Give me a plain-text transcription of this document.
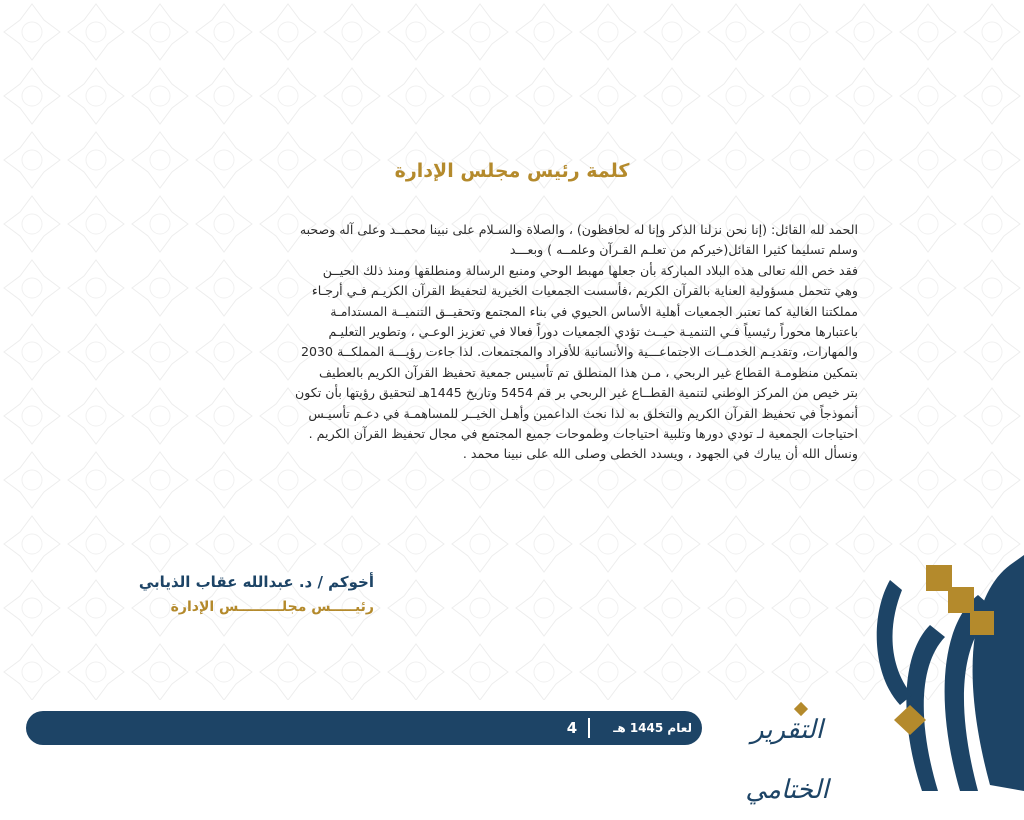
كلمة رئيس مجلس الإدارة

الحمد لله القائل: (إنا نحن نزلنا الذكر وإنا له لحافظون) ، والصلاة والسـلام على نبينا محمــد وعلى آله وصحبه

وسلم تسليما كثيرا القائل(خيركم من تعلـم القـرآن وعلمــه ) وبعـــد

فقد خص الله تعالى هذه البلاد المباركة بأن جعلها مهبط الوحي ومنبع الرسالة ومنطلقها ومنذ ذلك الحيــن

وهي تتحمل مسؤولية العناية بالقرآن الكريم ،فأسست الجمعيات الخيرية لتحفيظ القرآن الكريـم فـي أرجـاء

مملكتنا الغالية كما تعتبر الجمعيات أهلية الأساس الحيوي في بناء المجتمع وتحقيــق التنميــة المستدامـة

باعتبارها محوراً رئيسياً فـي التنميـة حيــث تؤدي الجمعيات دوراً فعالا في تعزيز الوعـي ، وتطوير التعليـم

والمهارات، وتقديـم الخدمــات الاجتماعـــية والأنسانية للأفراد والمجتمعات. لذا جاءت رؤيـــة المملكــة 2030

بتمكين منظومـة القطاع غير الربحي ، مـن هذا المنطلق تم تأسيس جمعية تحفيظ القرآن الكريم بالعطيف

بتر خيص من المركز الوطني لتنمية القطــاع غير الربحي بر قم 5454 وتاريخ 1445هـ لتحقيق رؤيتها بأن تكون

أنموذجاً في تحفيظ القرآن الكريم والتخلق به لذا نحث الداعمين وأهـل الخيــر للمساهمـة في دعـم تأسيـس

احتياجات الجمعية لـ تودي دورها وتلبية احتياجات وطموحات جميع المجتمع في مجال تحفيظ القرآن الكريم .

ونسأل الله أن يبارك في الجهود ، ويسدد الخطى وصلى الله على نبينا محمد .

أخوكم / د. عبدالله عقاب الذيابي
رئيـــــس مجلـــــــــس الإدارة
4	لعام 1445 هـ	التقرير الختامي
